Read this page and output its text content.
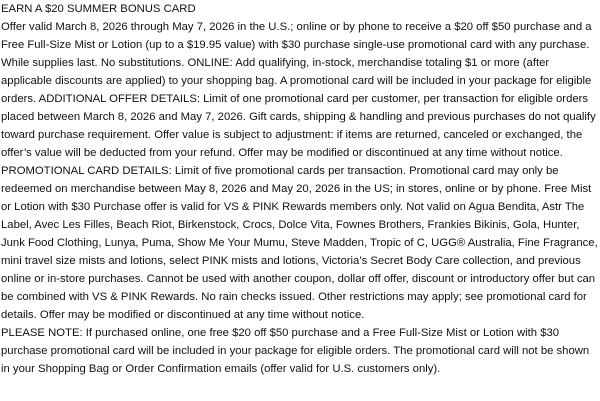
EARN A $20 SUMMER BONUS CARD

Offer valid March 8, 2026 through May 7, 2026 in the U.S.; online or by phone to receive a $20 off $50 purchase and a Free Full-Size Mist or Lotion (up to a $19.95 value) with $30 purchase single-use promotional card with any purchase. While supplies last. No substitutions. ONLINE: Add qualifying, in-stock, merchandise totaling $1 or more (after applicable discounts are applied) to your shopping bag. A promotional card will be included in your package for eligible orders. ADDITIONAL OFFER DETAILS: Limit of one promotional card per customer, per transaction for eligible orders placed between March 8, 2026 and May 7, 2026. Gift cards, shipping & handling and previous purchases do not qualify toward purchase requirement. Offer value is subject to adjustment: if items are returned, canceled or exchanged, the offer’s value will be deducted from your refund. Offer may be modified or discontinued at any time without notice. PROMOTIONAL CARD DETAILS: Limit of five promotional cards per transaction. Promotional card may only be redeemed on merchandise between May 8, 2026 and May 20, 2026 in the US; in stores, online or by phone. Free Mist or Lotion with $30 Purchase offer is valid for VS & PINK Rewards members only. Not valid on Agua Bendita, Astr The Label, Avec Les Filles, Beach Riot, Birkenstock, Crocs, Dolce Vita, Fownes Brothers, Frankies Bikinis, Gola, Hunter, Junk Food Clothing, Lunya, Puma, Show Me Your Mumu, Steve Madden, Tropic of C, UGG® Australia, Fine Fragrance, mini travel size mists and lotions, select PINK mists and lotions, Victoria’s Secret Body Care collection, and previous online or in-store purchases. Cannot be used with another coupon, dollar off offer, discount or introductory offer but can be combined with VS & PINK Rewards. No rain checks issued. Other restrictions may apply; see promotional card for details. Offer may be modified or discontinued at any time without notice.

PLEASE NOTE: If purchased online, one free $20 off $50 purchase and a Free Full-Size Mist or Lotion with $30 purchase promotional card will be included in your package for eligible orders. The promotional card will not be shown in your Shopping Bag or Order Confirmation emails (offer valid for U.S. customers only).
